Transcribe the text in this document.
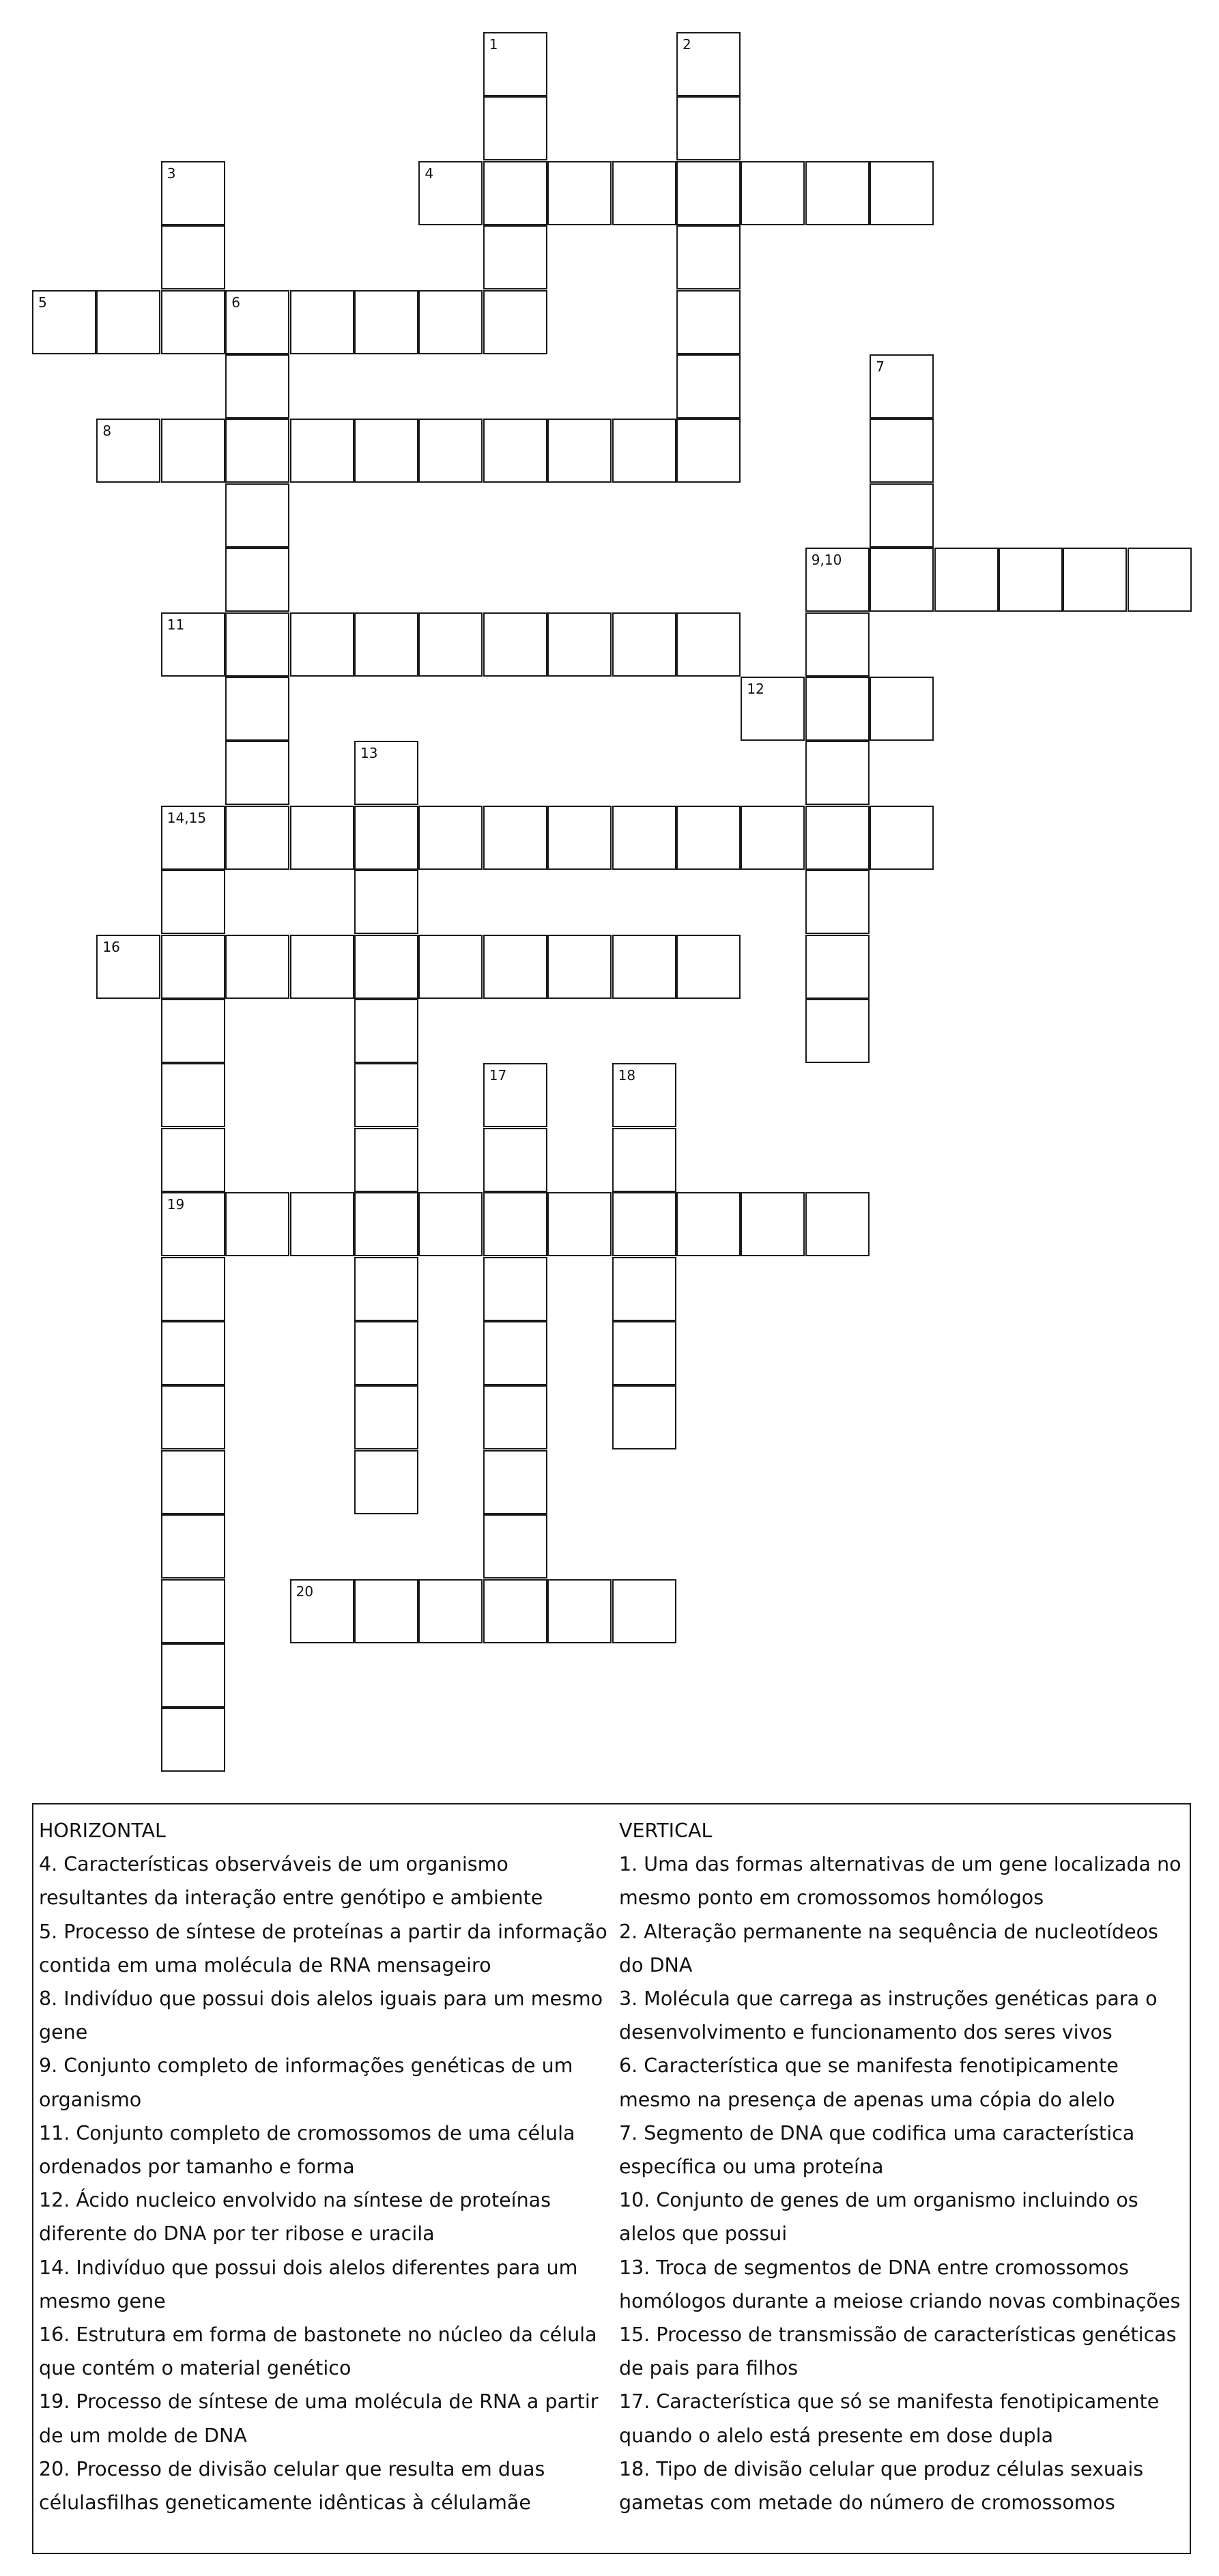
1	2
3	4
5	6
7
8
9,10
11
12
13
14,15
19
16
17	18
20
HORIZONTAL
4. Características observáveis de um organismo resultantes da interação entre genótipo e ambiente
5. Processo de síntese de proteínas a partir da informação contida em uma molécula de RNA mensageiro
8. Indivíduo que possui dois alelos iguais para um mesmo gene
9. Conjunto completo de informações genéticas de um organismo
11. Conjunto completo de cromossomos de uma célula ordenados por tamanho e forma
12. Ácido nucleico envolvido na síntese de proteínas diferente do DNA por ter ribose e uracila
14. Indivíduo que possui dois alelos diferentes para um mesmo gene
16. Estrutura em forma de bastonete no núcleo da célula que contém o material genético
19. Processo de síntese de uma molécula de RNA a partir de um molde de DNA
20. Processo de divisão celular que resulta em duas célulasfilhas geneticamente idênticas à célulamãe
VERTICAL
1. Uma das formas alternativas de um gene localizada no mesmo ponto em cromossomos homólogos
2. Alteração permanente na sequência de nucleotídeos do DNA
3. Molécula que carrega as instruções genéticas para o desenvolvimento e funcionamento dos seres vivos
6. Característica que se manifesta fenotipicamente mesmo na presença de apenas uma cópia do alelo
7. Segmento de DNA que codifica uma característica específica ou uma proteína
10. Conjunto de genes de um organismo incluindo os alelos que possui
13. Troca de segmentos de DNA entre cromossomos homólogos durante a meiose criando novas combinações
15. Processo de transmissão de características genéticas de pais para filhos
17. Característica que só se manifesta fenotipicamente quando o alelo está presente em dose dupla
18. Tipo de divisão celular que produz células sexuais gametas com metade do número de cromossomos
